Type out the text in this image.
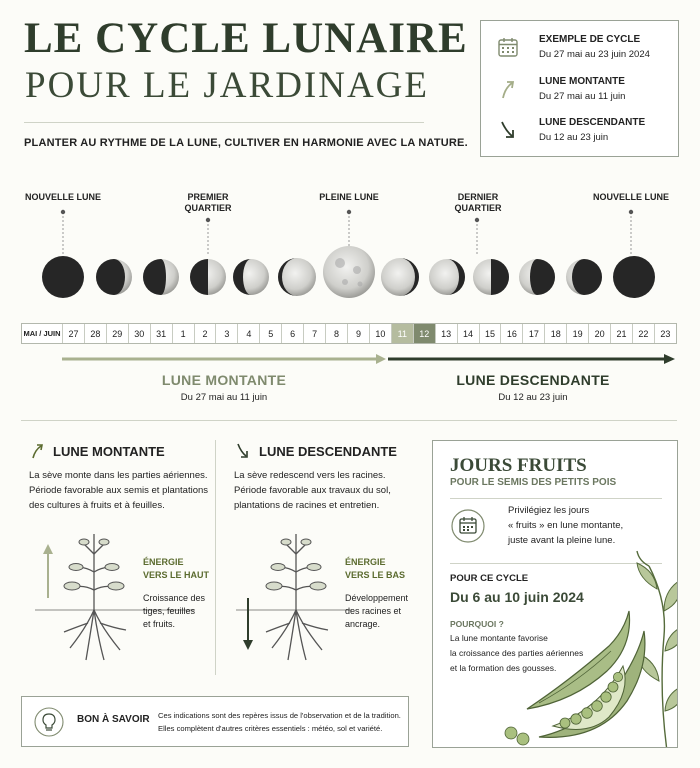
LE CYCLE LUNAIRE
POUR LE JARDINAGE
PLANTER AU RYTHME DE LA LUNE, CULTIVER EN HARMONIE AVEC LA NATURE.
EXEMPLE DE CYCLE
Du 27 mai au 23 juin 2024
LUNE MONTANTE
Du 27 mai au 11 juin
LUNE DESCENDANTE
Du 12 au 23 juin
NOUVELLE LUNE	PREMIER
QUARTIER
PLEINE LUNE	DERNIER
QUARTIER
NOUVELLE LUNE
MAI / JUIN 27	28	29	30	31	1	2	3	4	5	6	7	8	9	10	11	12	13	14	15	16	17	18	19	20	21	22	23
LUNE MONTANTE
Du 27 mai au 11 juin
LUNE DESCENDANTE
Du 12 au 23 juin
LUNE MONTANTE
La sève monte dans les parties aériennes.
Période favorable aux semis et plantations
des cultures à fruits et à feuilles.
ÉNERGIE
VERS LE HAUT
Croissance des
tiges, feuilles
et fruits.
LUNE DESCENDANTE
La sève redescend vers les racines.
Période favorable aux travaux du sol,
plantations de racines et entretien.
ÉNERGIE
VERS LE BAS
Développement
des racines et
ancrage.
JOURS FRUITS
POUR LE SEMIS DES PETITS POIS
Privilégiez les jours
« fruits » en lune montante,
juste avant la pleine lune.
POUR CE CYCLE
Du 6 au 10 juin 2024
POURQUOI ?
La lune montante favorise
la croissance des parties aériennes
et la formation des gousses.
BON À SAVOIR Ces indications sont des repères issus de l'observation et de la tradition.
Elles complètent d'autres critères essentiels : météo, sol et variété.
